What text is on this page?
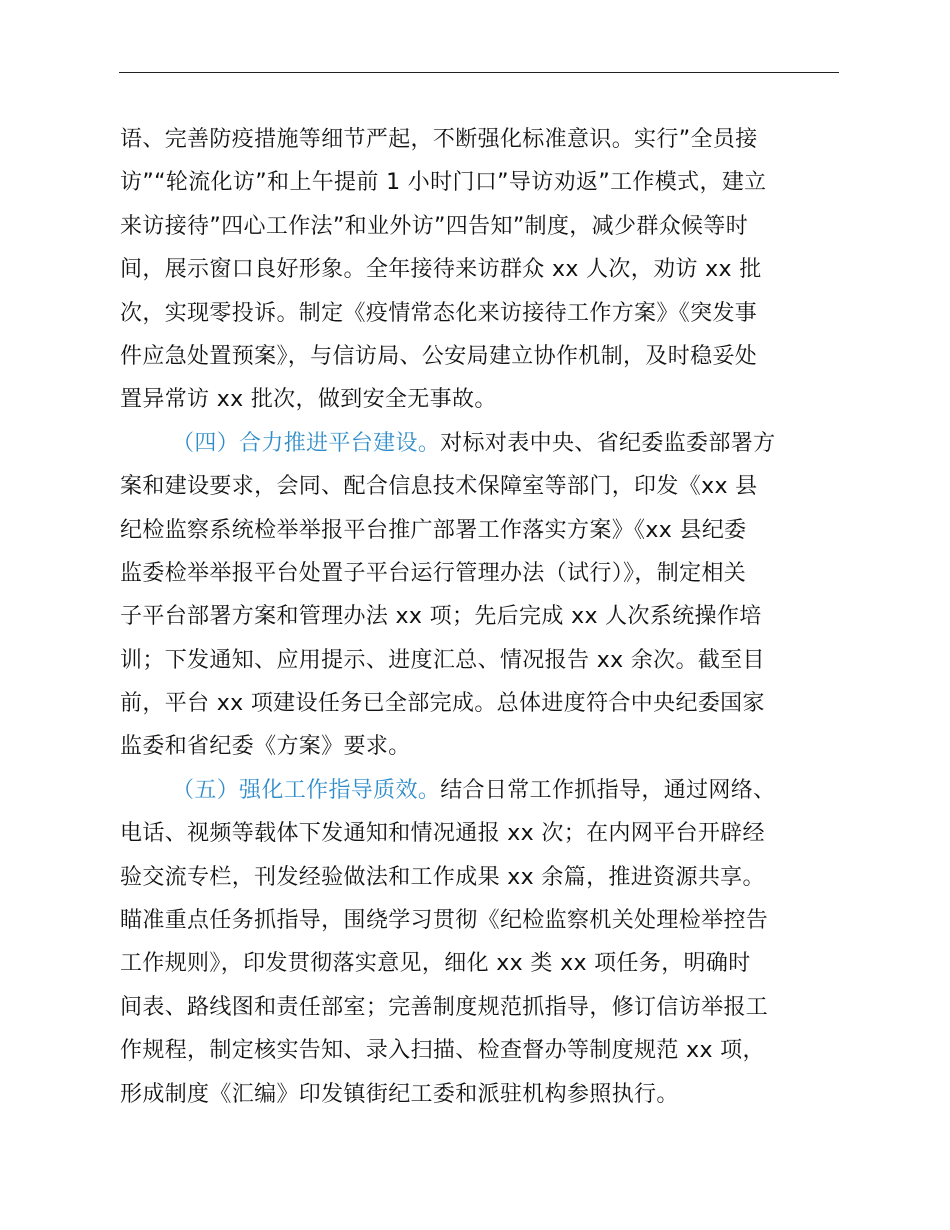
语、完善防疫措施等细节严起，不断强化标准意识。实行”全员接
访”“轮流化访”和上午提前 1 小时门口”导访劝返”工作模式，建立
来访接待”四心工作法”和业外访”四告知”制度，减少群众候等时
间，展示窗口良好形象。全年接待来访群众 xx 人次，劝访 xx 批
次，实现零投诉。制定《疫情常态化来访接待工作方案》《突发事
件应急处置预案》，与信访局、公安局建立协作机制，及时稳妥处
置异常访 xx 批次，做到安全无事故。
（四）合力推进平台建设。对标对表中央、省纪委监委部署方
案和建设要求，会同、配合信息技术保障室等部门，印发《xx 县
纪检监察系统检举举报平台推广部署工作落实方案》《xx 县纪委
监委检举举报平台处置子平台运行管理办法（试行）》，制定相关
子平台部署方案和管理办法 xx 项；先后完成 xx 人次系统操作培
训；下发通知、应用提示、进度汇总、情况报告 xx 余次。截至目
前，平台 xx 项建设任务已全部完成。总体进度符合中央纪委国家
监委和省纪委《方案》要求。
（五）强化工作指导质效。结合日常工作抓指导，通过网络、
电话、视频等载体下发通知和情况通报 xx 次；在内网平台开辟经
验交流专栏，刊发经验做法和工作成果 xx 余篇，推进资源共享。
瞄准重点任务抓指导，围绕学习贯彻《纪检监察机关处理检举控告
工作规则》，印发贯彻落实意见，细化 xx 类 xx 项任务，明确时
间表、路线图和责任部室；完善制度规范抓指导，修订信访举报工
作规程，制定核实告知、录入扫描、检查督办等制度规范 xx 项，
形成制度《汇编》印发镇街纪工委和派驻机构参照执行。
